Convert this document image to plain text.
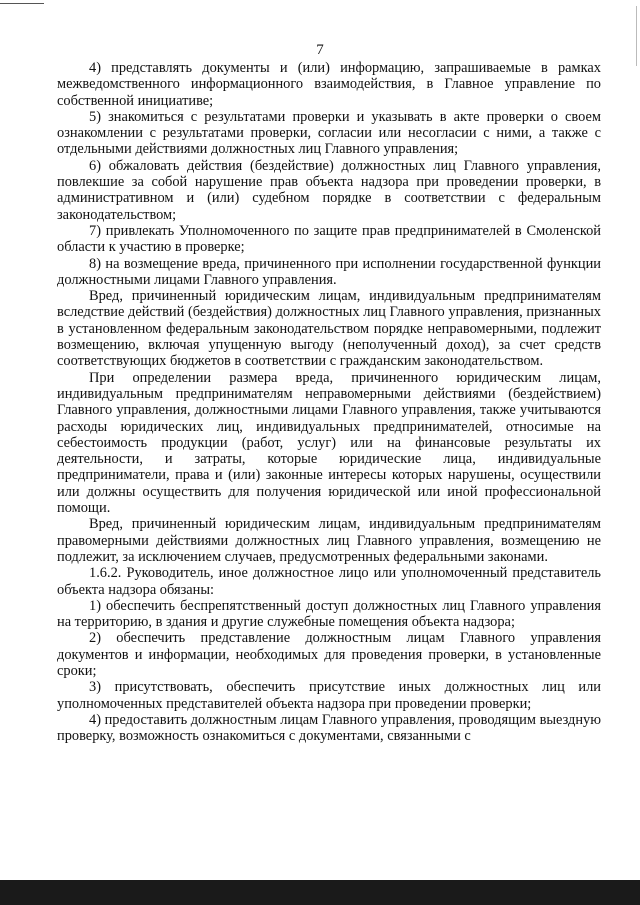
7

4) представлять документы и (или) информацию, запрашиваемые в рамках межведомственного информационного взаимодействия, в Главное управление по собственной инициативе;

5) знакомиться с результатами проверки и указывать в акте проверки о своем ознакомлении с результатами проверки, согласии или несогласии с ними, а также с отдельными действиями должностных лиц Главного управления;

6) обжаловать действия (бездействие) должностных лиц Главного управления, повлекшие за собой нарушение прав объекта надзора при проведении проверки, в административном и (или) судебном порядке в соответствии с федеральным законодательством;

7) привлекать Уполномоченного по защите прав предпринимателей в Смоленской области к участию в проверке;

8) на возмещение вреда, причиненного при исполнении государственной функции должностными лицами Главного управления.

Вред, причиненный юридическим лицам, индивидуальным предпринимателям вследствие действий (бездействия) должностных лиц Главного управления, признанных в установленном федеральным законодательством порядке неправомерными, подлежит возмещению, включая упущенную выгоду (неполученный доход), за счет средств соответствующих бюджетов в соответствии с гражданским законодательством.

При определении размера вреда, причиненного юридическим лицам, индивидуальным предпринимателям неправомерными действиями (бездействием) Главного управления, должностными лицами Главного управления, также учитываются расходы юридических лиц, индивидуальных предпринимателей, относимые на себестоимость продукции (работ, услуг) или на финансовые результаты их деятельности, и затраты, которые юридические лица, индивидуальные предприниматели, права и (или) законные интересы которых нарушены, осуществили или должны осуществить для получения юридической или иной профессиональной помощи.

Вред, причиненный юридическим лицам, индивидуальным предпринимателям правомерными действиями должностных лиц Главного управления, возмещению не подлежит, за исключением случаев, предусмотренных федеральными законами.

1.6.2. Руководитель, иное должностное лицо или уполномоченный представитель объекта надзора обязаны:

1) обеспечить беспрепятственный доступ должностных лиц Главного управления на территорию, в здания и другие служебные помещения объекта надзора;

2) обеспечить представление должностным лицам Главного управления документов и информации, необходимых для проведения проверки, в установленные сроки;

3) присутствовать, обеспечить присутствие иных должностных лиц или уполномоченных представителей объекта надзора при проведении проверки;

4) предоставить должностным лицам Главного управления, проводящим выездную проверку, возможность ознакомиться с документами, связанными с
